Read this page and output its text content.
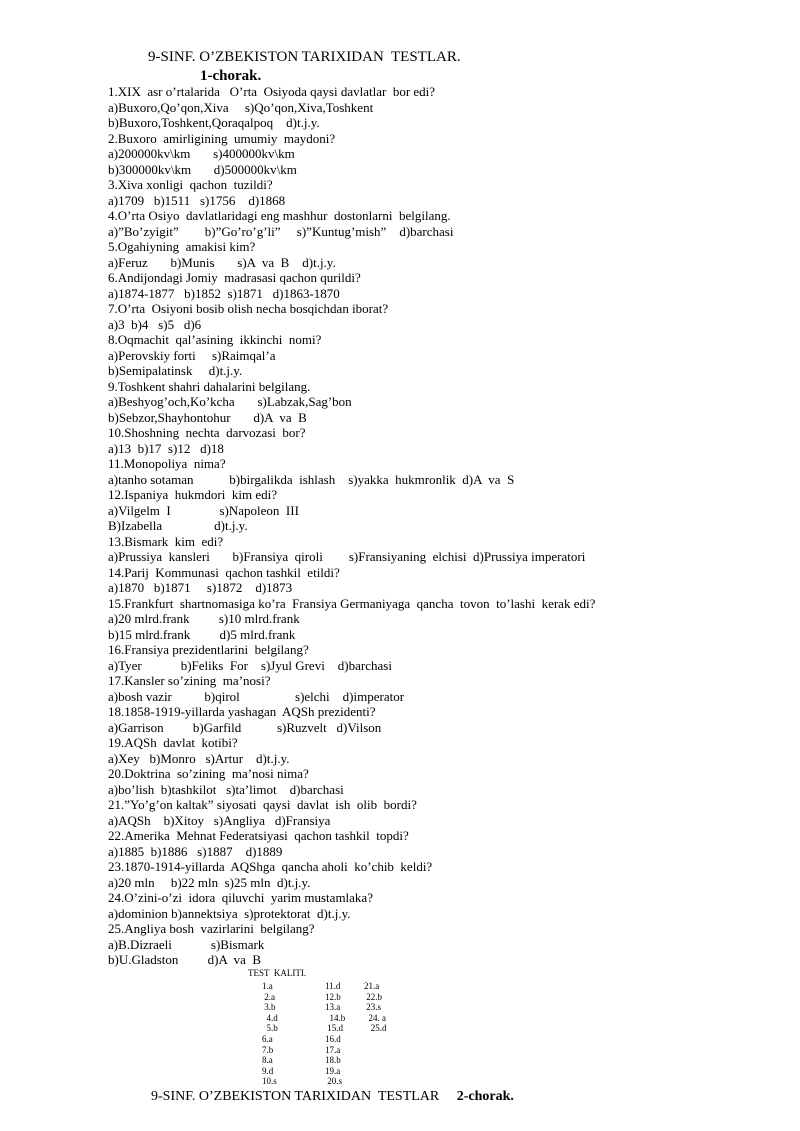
9-SINF. O’ZBEKISTON TARIXIDAN  TESTLAR.
1-chorak.
1.XIX  asr o’rtalarida   O’rta  Osiyoda qaysi davlatlar  bor edi?
a)Buxoro,Qo’qon,Xiva     s)Qo’qon,Xiva,Toshkent
b)Buxoro,Toshkent,Qoraqalpoq    d)t.j.y.
2.Buxoro  amirligining  umumiy  maydoni?
a)200000kv\km       s)400000kv\km
b)300000kv\km       d)500000kv\km
3.Xiva xonligi  qachon  tuzildi?
a)1709   b)1511   s)1756    d)1868
4.O’rta Osiyo  davlatlaridagi eng mashhur  dostonlarni  belgilang.
a)”Bo’zyigit”        b)”Go’ro’g’li”     s)”Kuntug’mish”    d)barchasi
5.Ogahiyning  amakisi kim?
a)Feruz       b)Munis       s)A  va  B    d)t.j.y.
6.Andijondagi Jomiy  madrasasi qachon qurildi?
a)1874-1877   b)1852  s)1871   d)1863-1870
7.O’rta  Osiyoni bosib olish necha bosqichdan iborat?
a)3  b)4   s)5   d)6
8.Oqmachit  qal’asining  ikkinchi  nomi?
a)Perovskiy forti     s)Raimqal’a
b)Semipalatinsk     d)t.j.y.
9.Toshkent shahri dahalarini belgilang.
a)Beshyog’och,Ko’kcha       s)Labzak,Sag’bon
b)Sebzor,Shayhontohur       d)A  va  B
10.Shoshning  nechta  darvozasi  bor?
a)13  b)17  s)12   d)18
11.Monopoliya  nima?
a)tanho sotaman           b)birgalikda  ishlash    s)yakka  hukmronlik  d)A  va  S
12.Ispaniya  hukmdori  kim edi?
a)Vilgelm  I               s)Napoleon  III
B)Izabella                d)t.j.y.
13.Bismark  kim  edi?
a)Prussiya  kansleri       b)Fransiya  qiroli        s)Fransiyaning  elchisi  d)Prussiya imperatori
14.Parij  Kommunasi  qachon tashkil  etildi?
a)1870   b)1871     s)1872    d)1873
15.Frankfurt  shartnomasiga ko’ra  Fransiya Germaniyaga  qancha  tovon  to’lashi  kerak edi?
a)20 mlrd.frank         s)10 mlrd.frank
b)15 mlrd.frank         d)5 mlrd.frank
16.Fransiya prezidentlarini  belgilang?
a)Tyer            b)Feliks  For    s)Jyul Grevi    d)barchasi
17.Kansler so’zining  ma’nosi?
a)bosh vazir          b)qirol                 s)elchi    d)imperator
18.1858-1919-yillarda yashagan  AQSh prezidenti?
a)Garrison         b)Garfild           s)Ruzvelt   d)Vilson
19.AQSh  davlat  kotibi?
a)Xey   b)Monro   s)Artur    d)t.j.y.
20.Doktrina  so’zining  ma’nosi nima?
a)bo’lish  b)tashkilot   s)ta’limot    d)barchasi
21.”Yo’g’on kaltak” siyosati  qaysi  davlat  ish  olib  bordi?
a)AQSh    b)Xitoy   s)Angliya   d)Fransiya
22.Amerika  Mehnat Federatsiyasi  qachon tashkil  topdi?
a)1885  b)1886   s)1887    d)1889
23.1870-1914-yillarda  AQShga  qancha aholi  ko’chib  keldi?
a)20 mln     b)22 mln  s)25 mln  d)t.j.y.
24.O’zini-o’zi  idora  qiluvchi  yarim mustamlaka?
a)dominion b)annektsiya  s)protektorat  d)t.j.y.
25.Angliya bosh  vazirlarini  belgilang?
a)B.Dizraeli            s)Bismark
b)U.Gladston         d)A  va  B
TEST  KALITI.
1.a
2.a
3.b
4.d
5.b
6.a
7.b
8.a
9.d
10.s
11.d
12.b
13.a
14.b
15.d
16.d
17.a
18.b
19.a
20.s
21.a
22.b
23.s
24. a
25.d
9-SINF. O’ZBEKISTON TARIXIDAN  TESTLAR     2-chorak.
